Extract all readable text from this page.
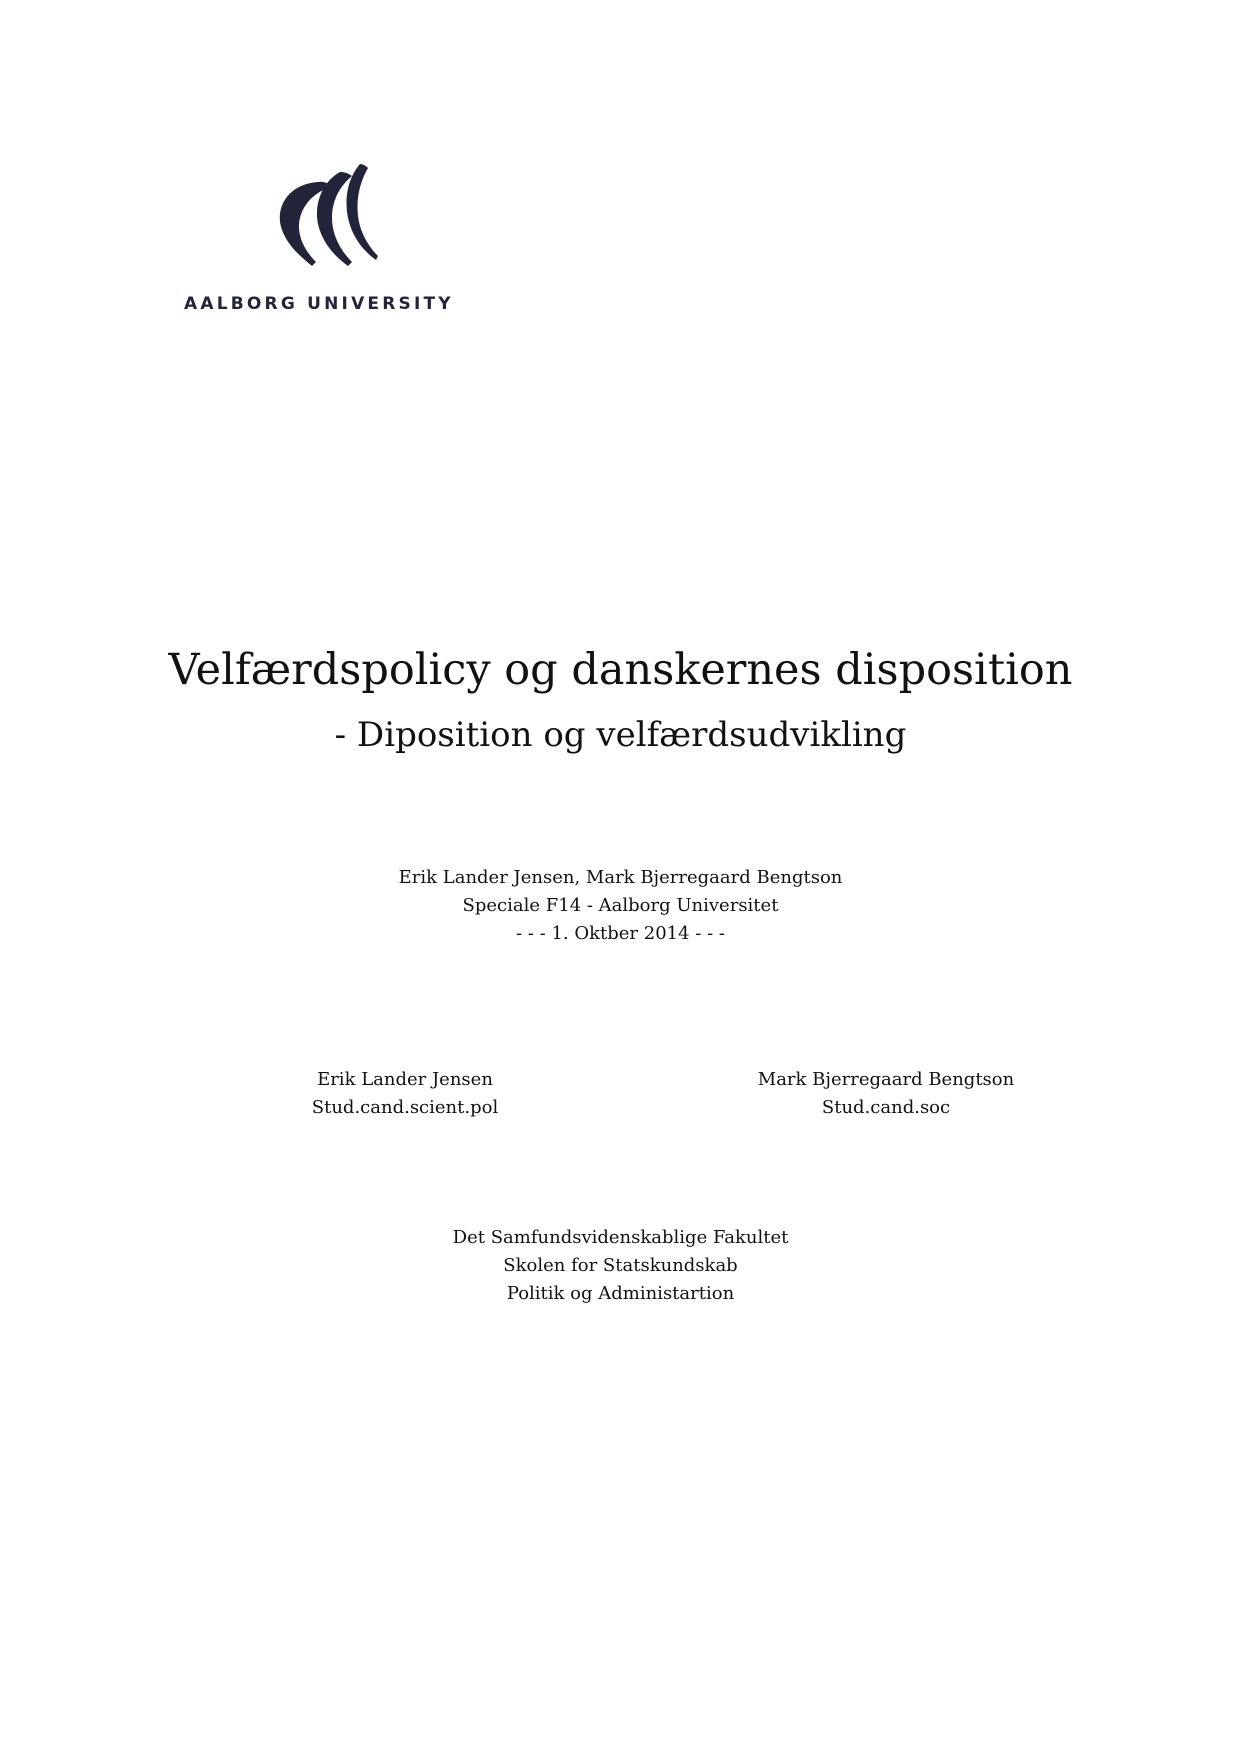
AALBORG UNIVERSITY
Velfærdspolicy og danskernes disposition
- Diposition og velfærdsudvikling
Erik Lander Jensen, Mark Bjerregaard Bengtson
Speciale F14 - Aalborg Universitet
- - - 1. Oktber 2014 - - -
Erik Lander Jensen
Stud.cand.scient.pol
Mark Bjerregaard Bengtson
Stud.cand.soc
Det Samfundsvidenskablige Fakultet
Skolen for Statskundskab
Politik og Administartion
